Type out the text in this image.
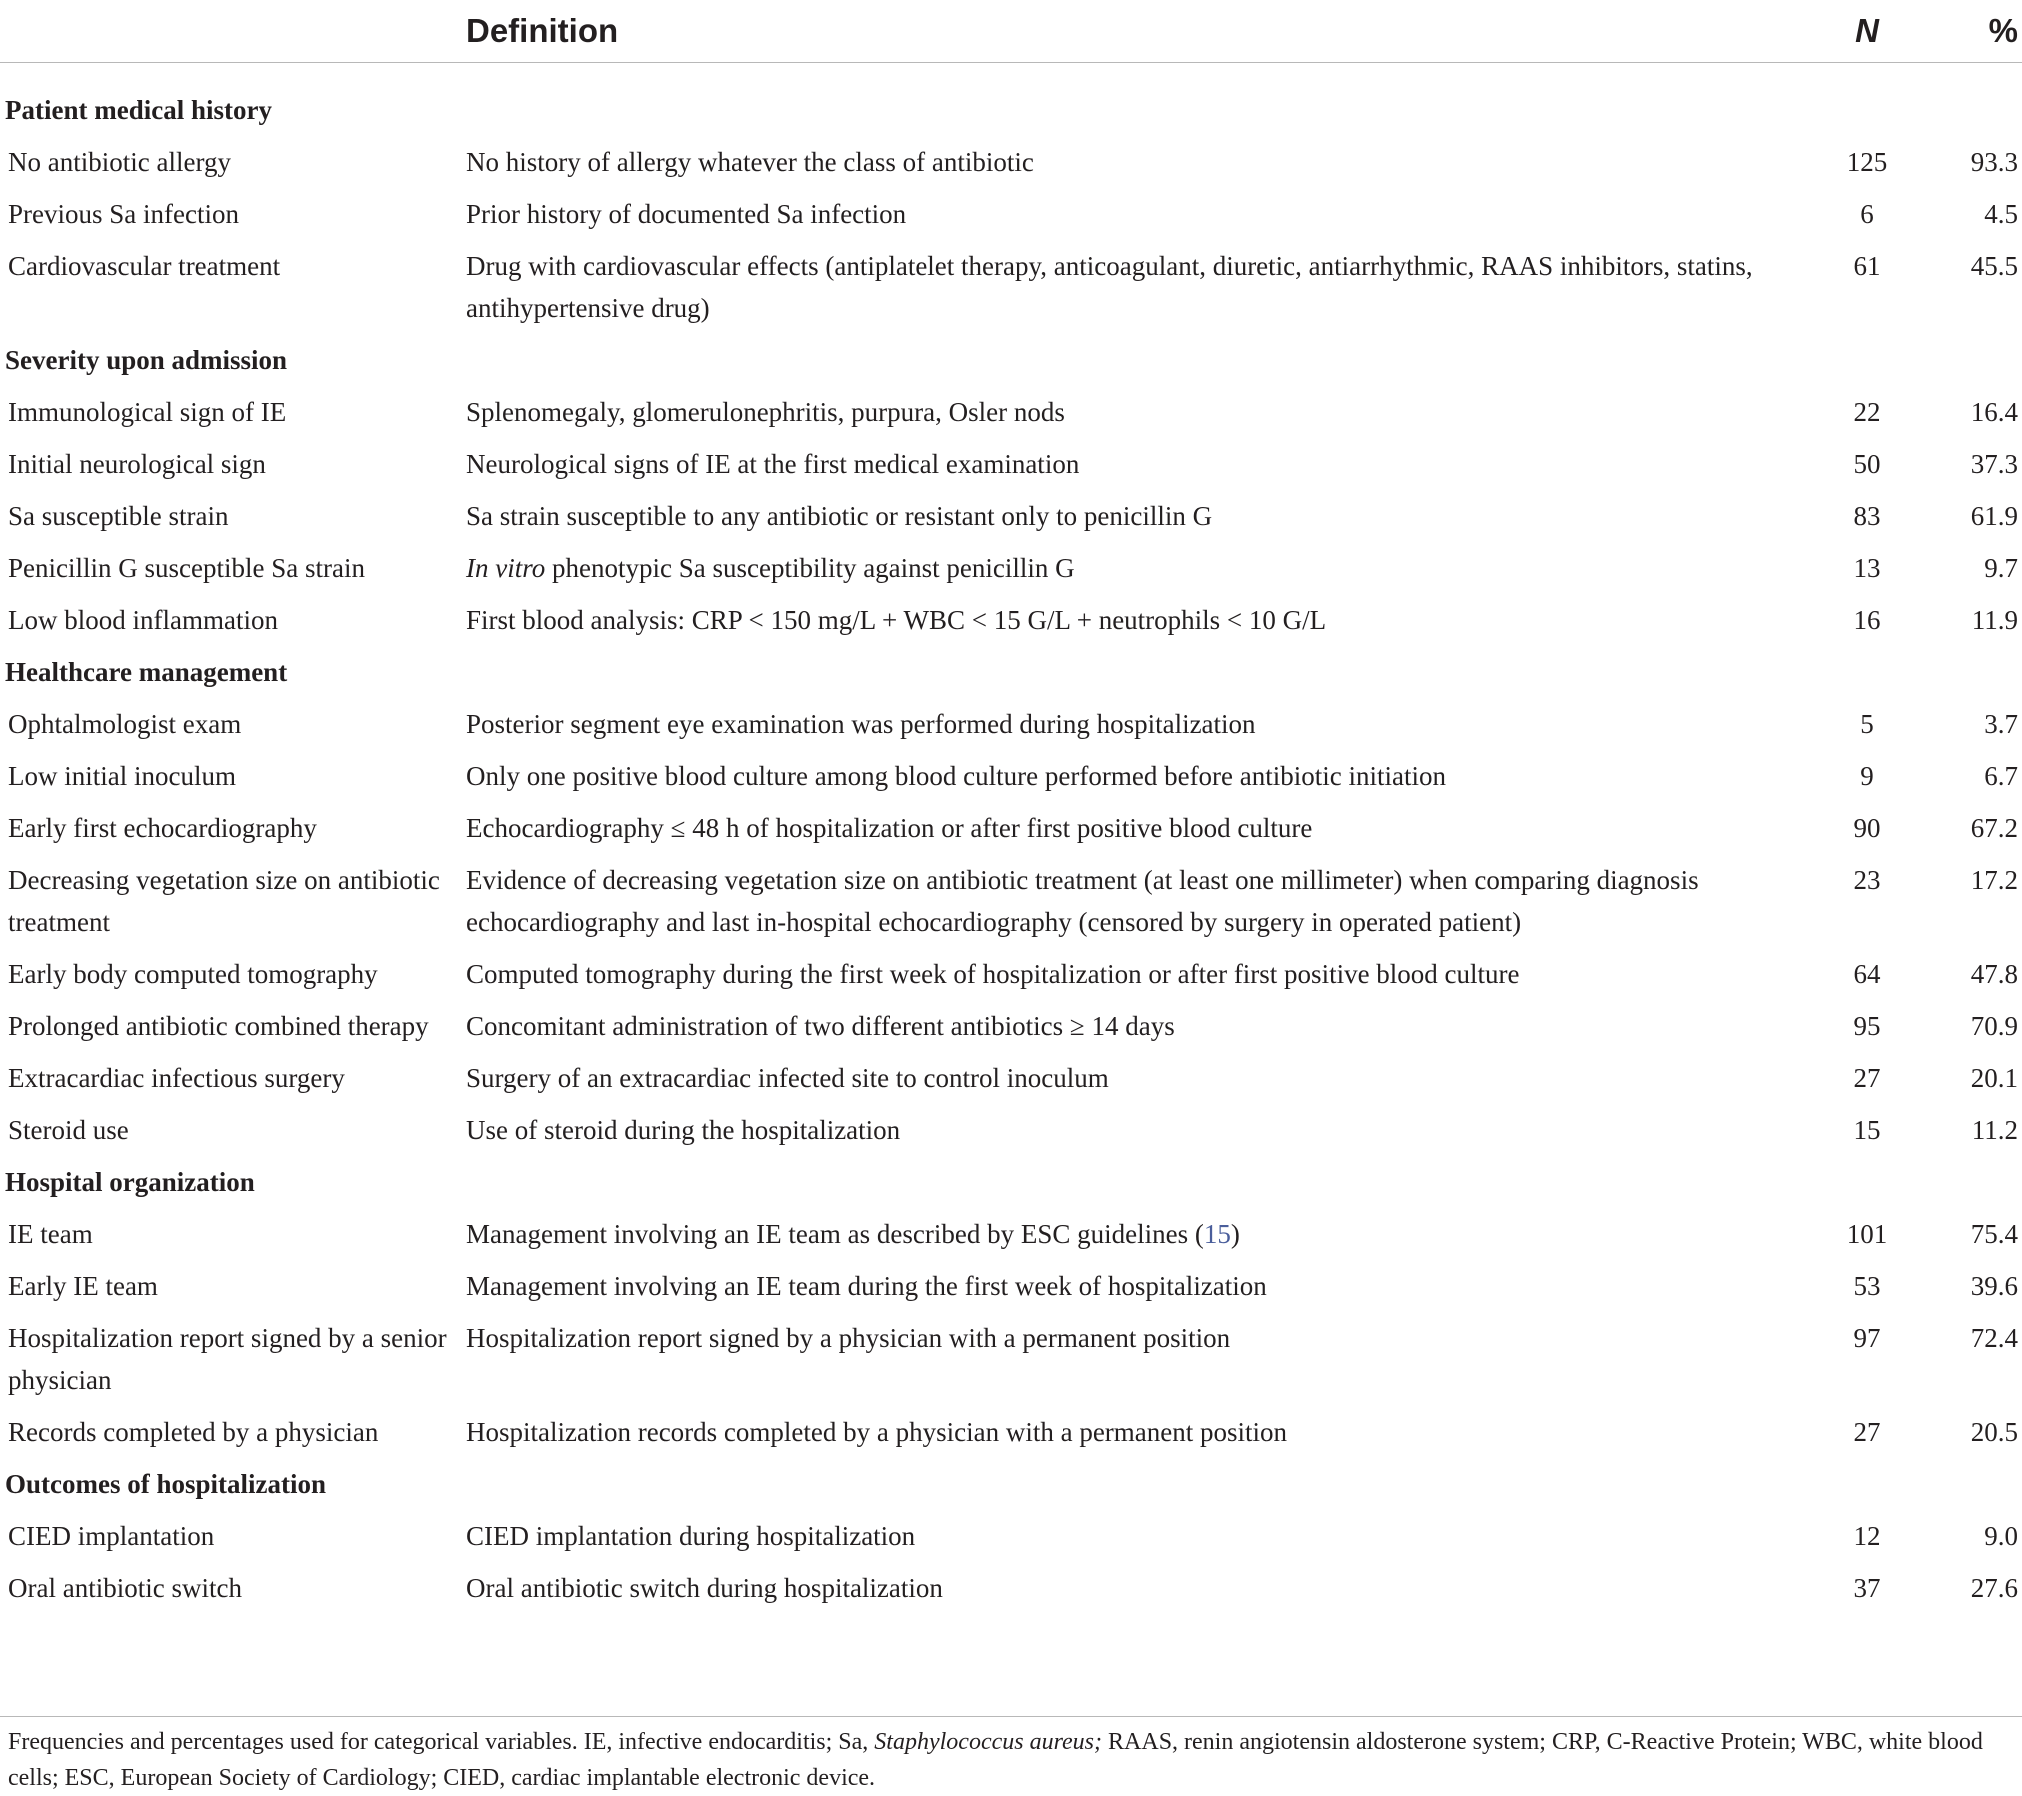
	Definition	N	%

Patient medical history			
No antibiotic allergy	No history of allergy whatever the class of antibiotic	125	93.3
Previous Sa infection	Prior history of documented Sa infection	6	4.5
Cardiovascular treatment	Drug with cardiovascular effects (antiplatelet therapy, anticoagulant, diuretic, antiarrhythmic, RAAS inhibitors, statins, antihypertensive drug)	61	45.5
Severity upon admission			
Immunological sign of IE	Splenomegaly, glomerulonephritis, purpura, Osler nods	22	16.4
Initial neurological sign	Neurological signs of IE at the first medical examination	50	37.3
Sa susceptible strain	Sa strain susceptible to any antibiotic or resistant only to penicillin G	83	61.9
Penicillin G susceptible Sa strain	In vitro phenotypic Sa susceptibility against penicillin G	13	9.7
Low blood inflammation	First blood analysis: CRP < 150 mg/L + WBC < 15 G/L + neutrophils < 10 G/L	16	11.9
Healthcare management			
Ophtalmologist exam	Posterior segment eye examination was performed during hospitalization	5	3.7
Low initial inoculum	Only one positive blood culture among blood culture performed before antibiotic initiation	9	6.7
Early first echocardiography	Echocardiography ≤ 48 h of hospitalization or after first positive blood culture	90	67.2
Decreasing vegetation size on antibiotic treatment	Evidence of decreasing vegetation size on antibiotic treatment (at least one millimeter) when comparing diagnosis echocardiography and last in-hospital echocardiography (censored by surgery in operated patient)	23	17.2
Early body computed tomography	Computed tomography during the first week of hospitalization or after first positive blood culture	64	47.8
Prolonged antibiotic combined therapy	Concomitant administration of two different antibiotics ≥ 14 days	95	70.9
Extracardiac infectious surgery	Surgery of an extracardiac infected site to control inoculum	27	20.1
Steroid use	Use of steroid during the hospitalization	15	11.2
Hospital organization			
IE team	Management involving an IE team as described by ESC guidelines (15)	101	75.4
Early IE team	Management involving an IE team during the first week of hospitalization	53	39.6
Hospitalization report signed by a senior physician	Hospitalization report signed by a physician with a permanent position	97	72.4
Records completed by a physician	Hospitalization records completed by a physician with a permanent position	27	20.5
Outcomes of hospitalization			
CIED implantation	CIED implantation during hospitalization	12	9.0
Oral antibiotic switch	Oral antibiotic switch during hospitalization	37	27.6
Frequencies and percentages used for categorical variables. IE, infective endocarditis; Sa, Staphylococcus aureus; RAAS, renin angiotensin aldosterone system; CRP, C-Reactive Protein; WBC, white blood cells; ESC, European Society of Cardiology; CIED, cardiac implantable electronic device.
